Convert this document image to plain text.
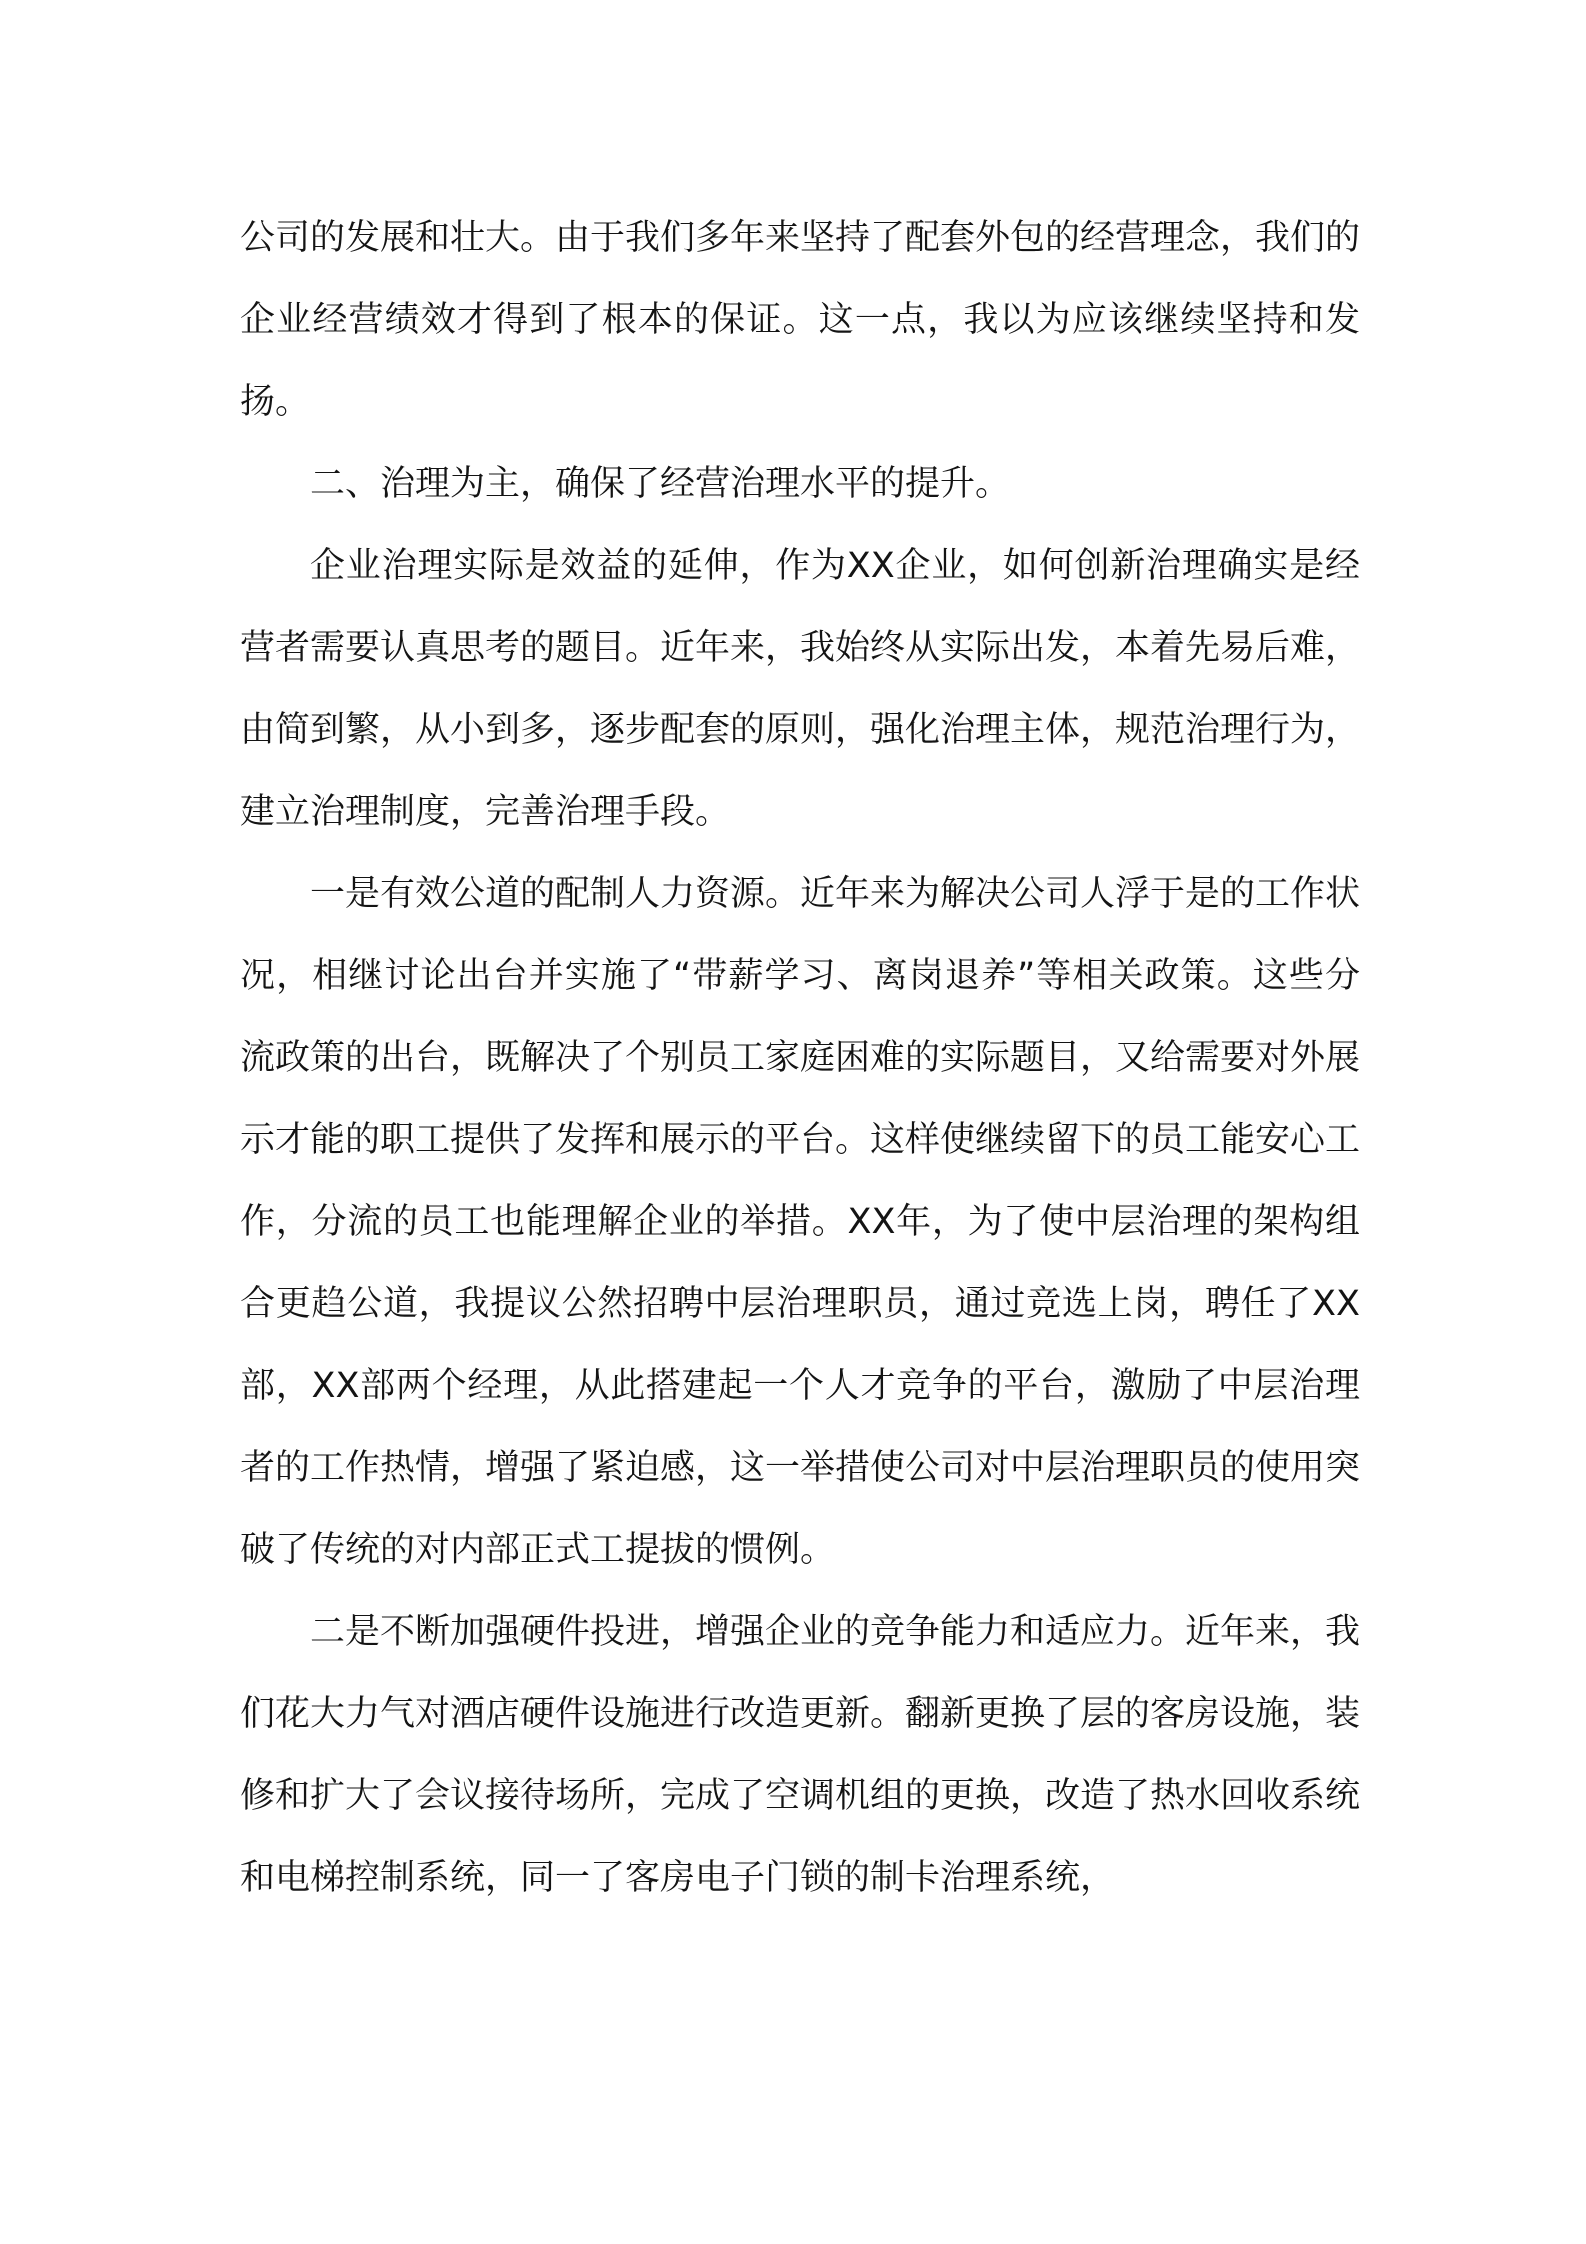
公司的发展和壮大。由于我们多年来坚持了配套外包的经营理念，我们的企业经营绩效才得到了根本的保证。这一点，我以为应该继续坚持和发扬。

二、治理为主，确保了经营治理水平的提升。

企业治理实际是效益的延伸，作为XX企业，如何创新治理确实是经营者需要认真思考的题目。近年来，我始终从实际出发，本着先易后难，由简到繁，从小到多，逐步配套的原则，强化治理主体，规范治理行为，建立治理制度，完善治理手段。

一是有效公道的配制人力资源。近年来为解决公司人浮于是的工作状况，相继讨论出台并实施了“带薪学习、离岗退养”等相关政策。这些分流政策的出台，既解决了个别员工家庭困难的实际题目，又给需要对外展示才能的职工提供了发挥和展示的平台。这样使继续留下的员工能安心工作，分流的员工也能理解企业的举措。XX年，为了使中层治理的架构组合更趋公道，我提议公然招聘中层治理职员，通过竞选上岗，聘任了XX部，XX部两个经理，从此搭建起一个人才竞争的平台，激励了中层治理者的工作热情，增强了紧迫感，这一举措使公司对中层治理职员的使用突破了传统的对内部正式工提拔的惯例。

二是不断加强硬件投进，增强企业的竞争能力和适应力。近年来，我们花大力气对酒店硬件设施进行改造更新。翻新更换了层的客房设施，装修和扩大了会议接待场所，完成了空调机组的更换，改造了热水回收系统和电梯控制系统，同一了客房电子门锁的制卡治理系统，
